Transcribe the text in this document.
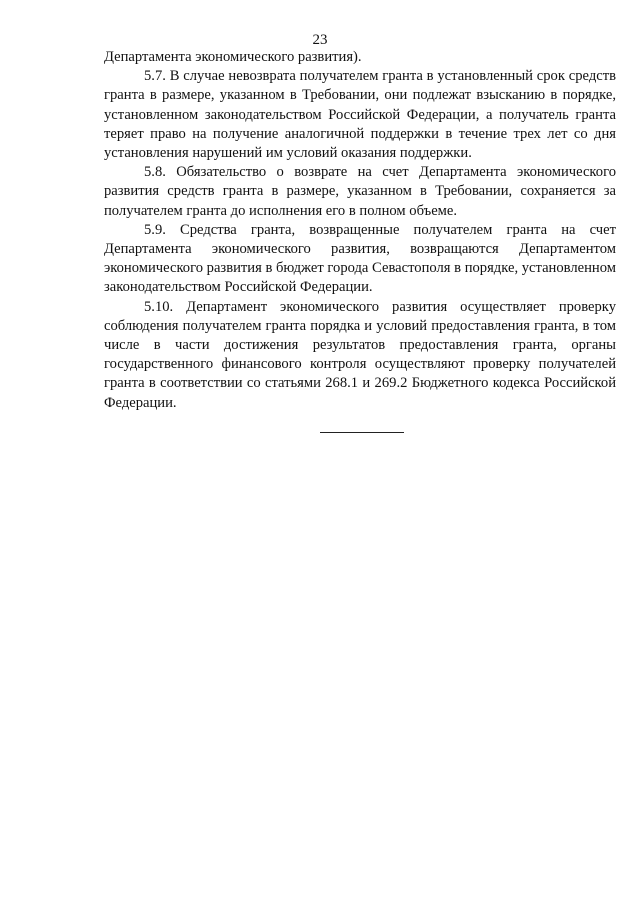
23

Департамента экономического развития).

5.7. В случае невозврата получателем гранта в установленный срок средств гранта в размере, указанном в Требовании, они подлежат взысканию в порядке, установленном законодательством Российской Федерации, а получатель гранта теряет право на получение аналогичной поддержки в течение трех лет со дня установления нарушений им условий оказания поддержки.

5.8. Обязательство о возврате на счет Департамента экономического развития средств гранта в размере, указанном в Требовании, сохраняется за получателем гранта до исполнения его в полном объеме.

5.9. Средства гранта, возвращенные получателем гранта на счет Департамента экономического развития, возвращаются Департаментом экономического развития в бюджет города Севастополя в порядке, установленном законодательством Российской Федерации.

5.10. Департамент экономического развития осуществляет проверку соблюдения получателем гранта порядка и условий предоставления гранта, в том числе в части достижения результатов предоставления гранта, органы государственного финансового контроля осуществляют проверку получателей гранта в соответствии со статьями 268.1 и 269.2 Бюджетного кодекса Российской Федерации.
